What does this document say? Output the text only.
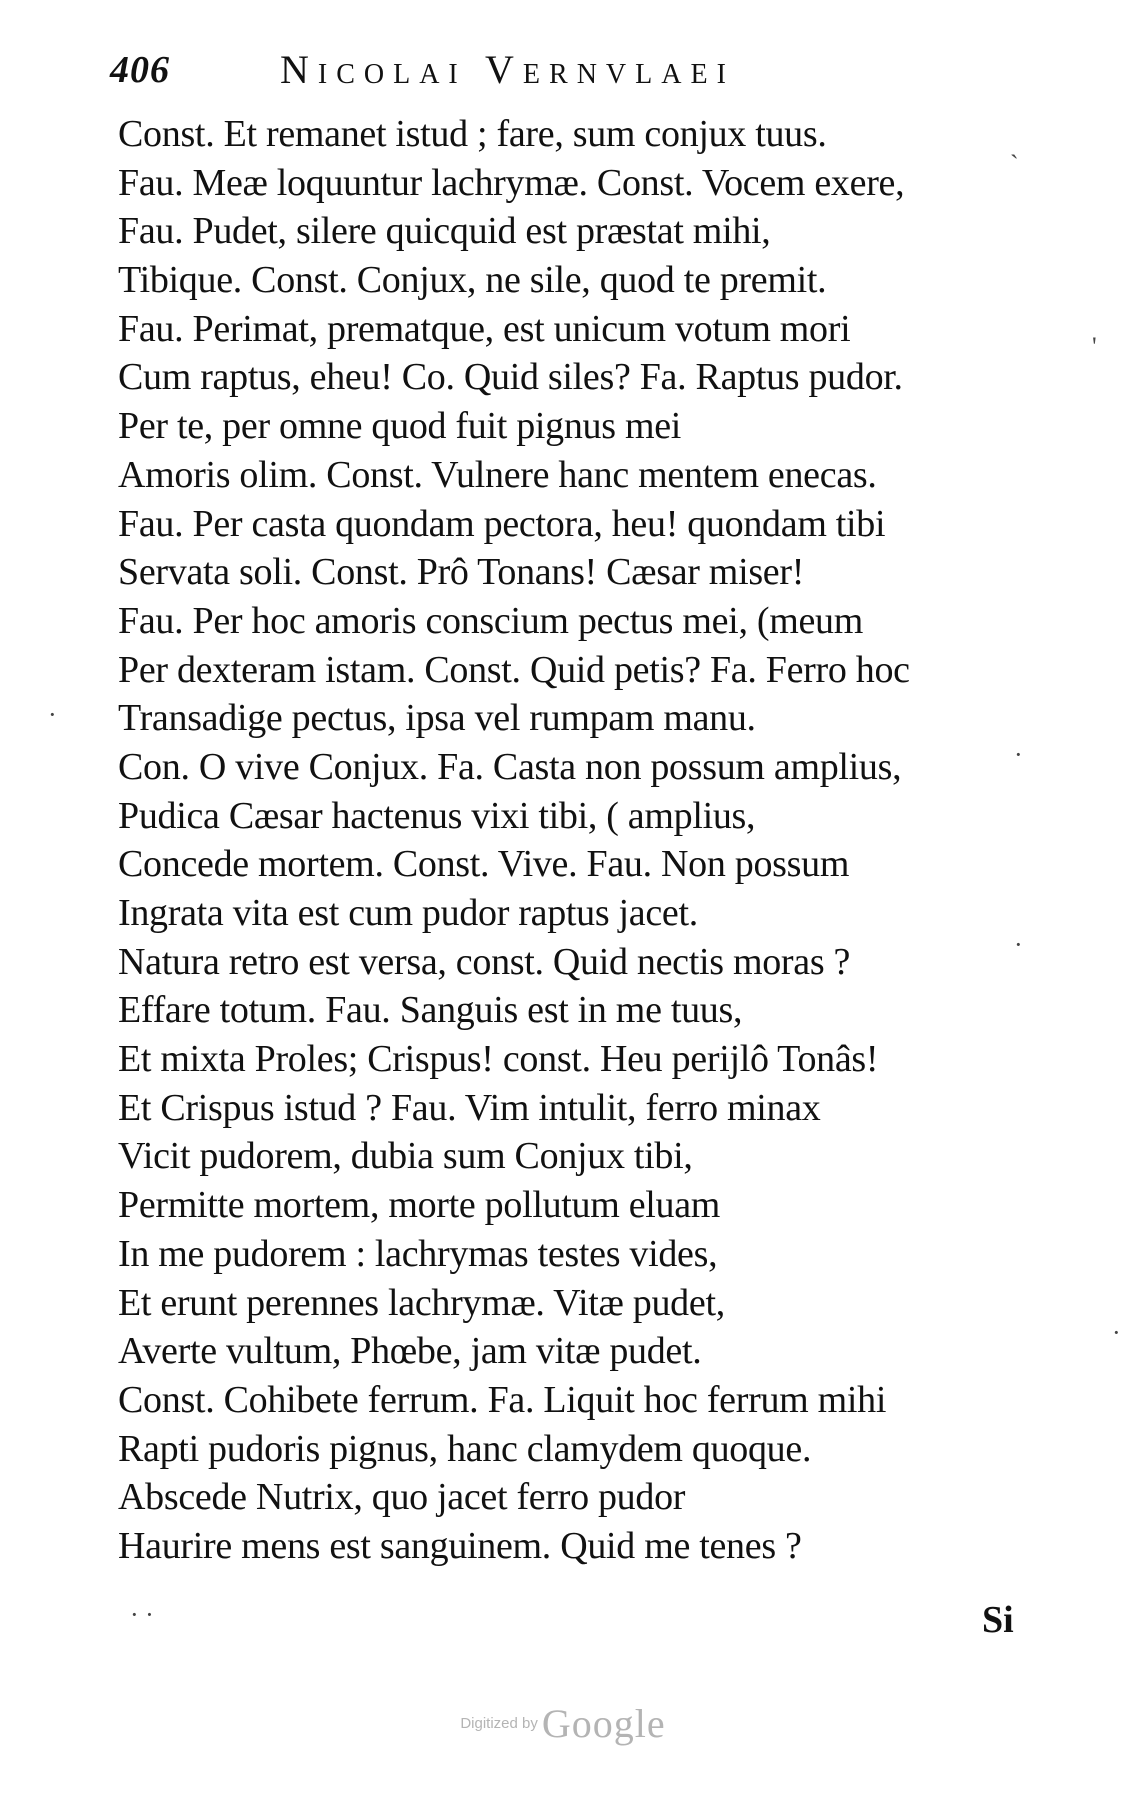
406	Nicolai Vernvlaei
Const. Et remanet istud ; fare, sum conjux tuus.
Fau. Meæ loquuntur lachrymæ. Const. Vocem exere,
Fau. Pudet, silere quicquid est præstat mihi,
Tibique. Const. Conjux, ne sile, quod te premit.
Fau. Perimat, prematque, est unicum votum mori
Cum raptus, eheu! Co. Quid siles? Fa. Raptus pudor.
Per te, per omne quod fuit pignus mei
Amoris olim. Const. Vulnere hanc mentem enecas.
Fau. Per casta quondam pectora, heu! quondam tibi
Servata soli. Const. Prô Tonans! Cæsar miser!
Fau. Per hoc amoris conscium pectus mei, (meum
Per dexteram istam. Const. Quid petis? Fa. Ferro hoc
Transadige pectus, ipsa vel rumpam manu.
Con. O vive Conjux. Fa. Casta non possum amplius,
Pudica Cæsar hactenus vixi tibi, ( amplius,
Concede mortem. Const. Vive. Fau. Non possum
Ingrata vita est cum pudor raptus jacet.
Natura retro est versa, const. Quid nectis moras ?
Effare totum. Fau. Sanguis est in me tuus,
Et mixta Proles; Crispus! const. Heu perijlô Tonâs!
Et Crispus istud ? Fau. Vim intulit, ferro minax
Vicit pudorem, dubia sum Conjux tibi,
Permitte mortem, morte pollutum eluam
In me pudorem : lachrymas testes vides,
Et erunt perennes lachrymæ. Vitæ pudet,
Averte vultum, Phœbe, jam vitæ pudet.
Const. Cohibete ferrum. Fa. Liquit hoc ferrum mihi
Rapti pudoris pignus, hanc clamydem quoque.
Abscede Nutrix, quo jacet ferro pudor
Haurire mens est sanguinem. Quid me tenes ?
Si
`
'
·
·
·
·
· ·
Digitized by Google
